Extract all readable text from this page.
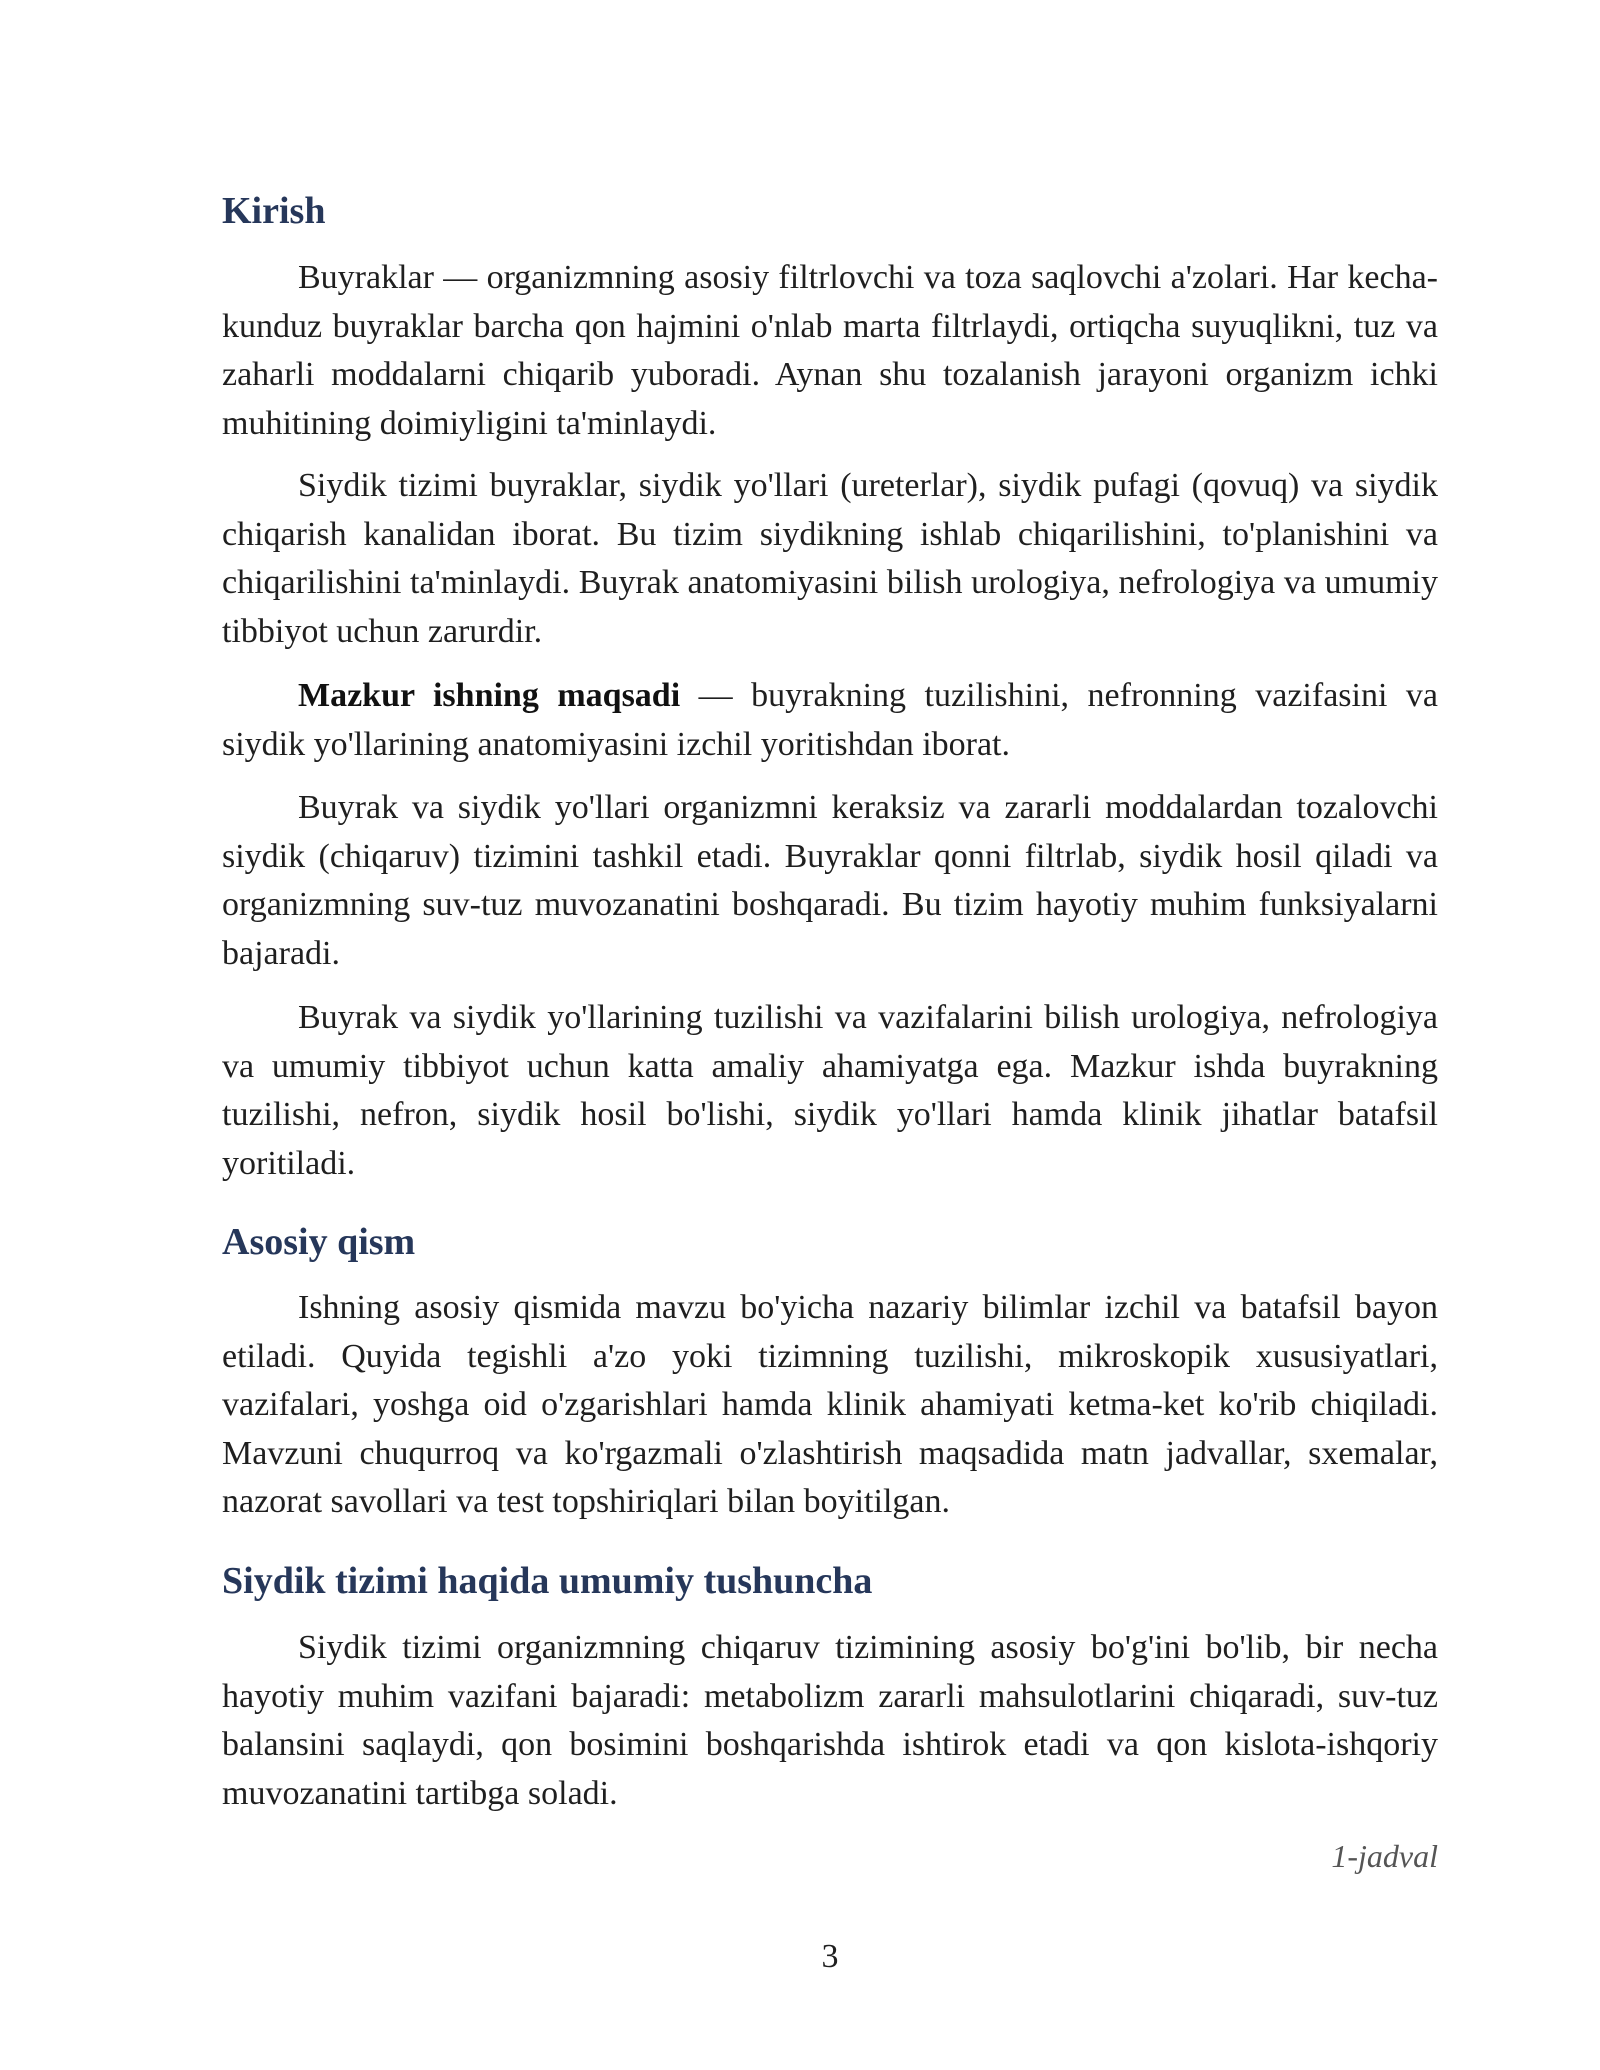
Kirish

Buyraklar — organizmning asosiy filtrlovchi va toza saqlovchi a'zolari. Har kecha-kunduz buyraklar barcha qon hajmini o'nlab marta filtrlaydi, ortiqcha suyuqlikni, tuz va zaharli moddalarni chiqarib yuboradi. Aynan shu tozalanish jarayoni organizm ichki muhitining doimiyligini ta'minlaydi.

Siydik tizimi buyraklar, siydik yo'llari (ureterlar), siydik pufagi (qovuq) va siydik chiqarish kanalidan iborat. Bu tizim siydikning ishlab chiqarilishini, to'planishini va chiqarilishini ta'minlaydi. Buyrak anatomiyasini bilish urologiya, nefrologiya va umumiy tibbiyot uchun zarurdir.

Mazkur ishning maqsadi — buyrakning tuzilishini, nefronning vazifasini va siydik yo'llarining anatomiyasini izchil yoritishdan iborat.

Buyrak va siydik yo'llari organizmni keraksiz va zararli moddalardan tozalovchi siydik (chiqaruv) tizimini tashkil etadi. Buyraklar qonni filtrlab, siydik hosil qiladi va organizmning suv-tuz muvozanatini boshqaradi. Bu tizim hayotiy muhim funksiyalarni bajaradi.

Buyrak va siydik yo'llarining tuzilishi va vazifalarini bilish urologiya, nefrologiya va umumiy tibbiyot uchun katta amaliy ahamiyatga ega. Mazkur ishda buyrakning tuzilishi, nefron, siydik hosil bo'lishi, siydik yo'llari hamda klinik jihatlar batafsil yoritiladi.

Asosiy qism

Ishning asosiy qismida mavzu bo'yicha nazariy bilimlar izchil va batafsil bayon etiladi. Quyida tegishli a'zo yoki tizimning tuzilishi, mikroskopik xususiyatlari, vazifalari, yoshga oid o'zgarishlari hamda klinik ahamiyati ketma-ket ko'rib chiqiladi. Mavzuni chuqurroq va ko'rgazmali o'zlashtirish maqsadida matn jadvallar, sxemalar, nazorat savollari va test topshiriqlari bilan boyitilgan.

Siydik tizimi haqida umumiy tushuncha

Siydik tizimi organizmning chiqaruv tizimining asosiy bo'g'ini bo'lib, bir necha hayotiy muhim vazifani bajaradi: metabolizm zararli mahsulotlarini chiqaradi, suv-tuz balansini saqlaydi, qon bosimini boshqarishda ishtirok etadi va qon kislota-ishqoriy muvozanatini tartibga soladi.

1-jadval

3
